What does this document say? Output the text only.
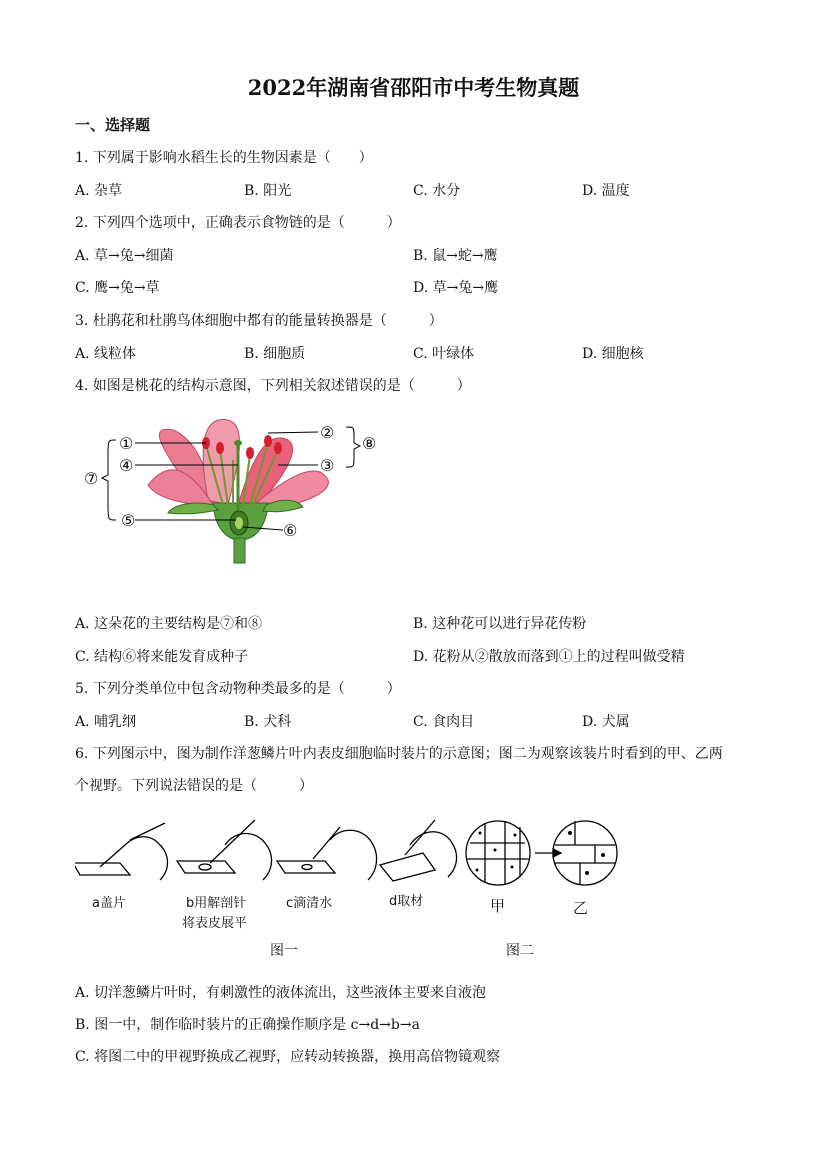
2022年湖南省邵阳市中考生物真题
一、选择题
1. 下列属于影响水稻生长的生物因素是（　　）
A. 杂草	B. 阳光	C. 水分	D. 温度
2. 下列四个选项中，正确表示食物链的是（　　　）
A. 草→兔→细菌	B. 鼠→蛇→鹰
C. 鹰→兔→草	D. 草→兔→鹰
3. 杜鹃花和杜鹃鸟体细胞中都有的能量转换器是（　　　）
A. 线粒体	B. 细胞质	C. 叶绿体	D. 细胞核
4. 如图是桃花的结构示意图，下列相关叙述错误的是（　　　）
①
②
③
④
⑤
⑥
⑦
⑧
A. 这朵花的主要结构是⑦和⑧	B. 这种花可以进行异花传粉
C. 结构⑥将来能发育成种子	D. 花粉从②散放而落到①上的过程叫做受精
5. 下列分类单位中包含动物种类最多的是（　　　）
A. 哺乳纲	B. 犬科	C. 食肉目	D. 犬属
6. 下列图示中，图为制作洋葱鳞片叶内表皮细胞临时装片的示意图；图二为观察该装片时看到的甲、乙两
个视野。下列说法错误的是（　　　）
a盖片	b用解剖针
将表皮展平
c滴清水	d取材	甲	乙
图一	图二
A. 切洋葱鳞片叶时，有刺激性的液体流出，这些液体主要来自液泡
B. 图一中，制作临时装片的正确操作顺序是 c→d→b→a
C. 将图二中的甲视野换成乙视野，应转动转换器，换用高倍物镜观察
